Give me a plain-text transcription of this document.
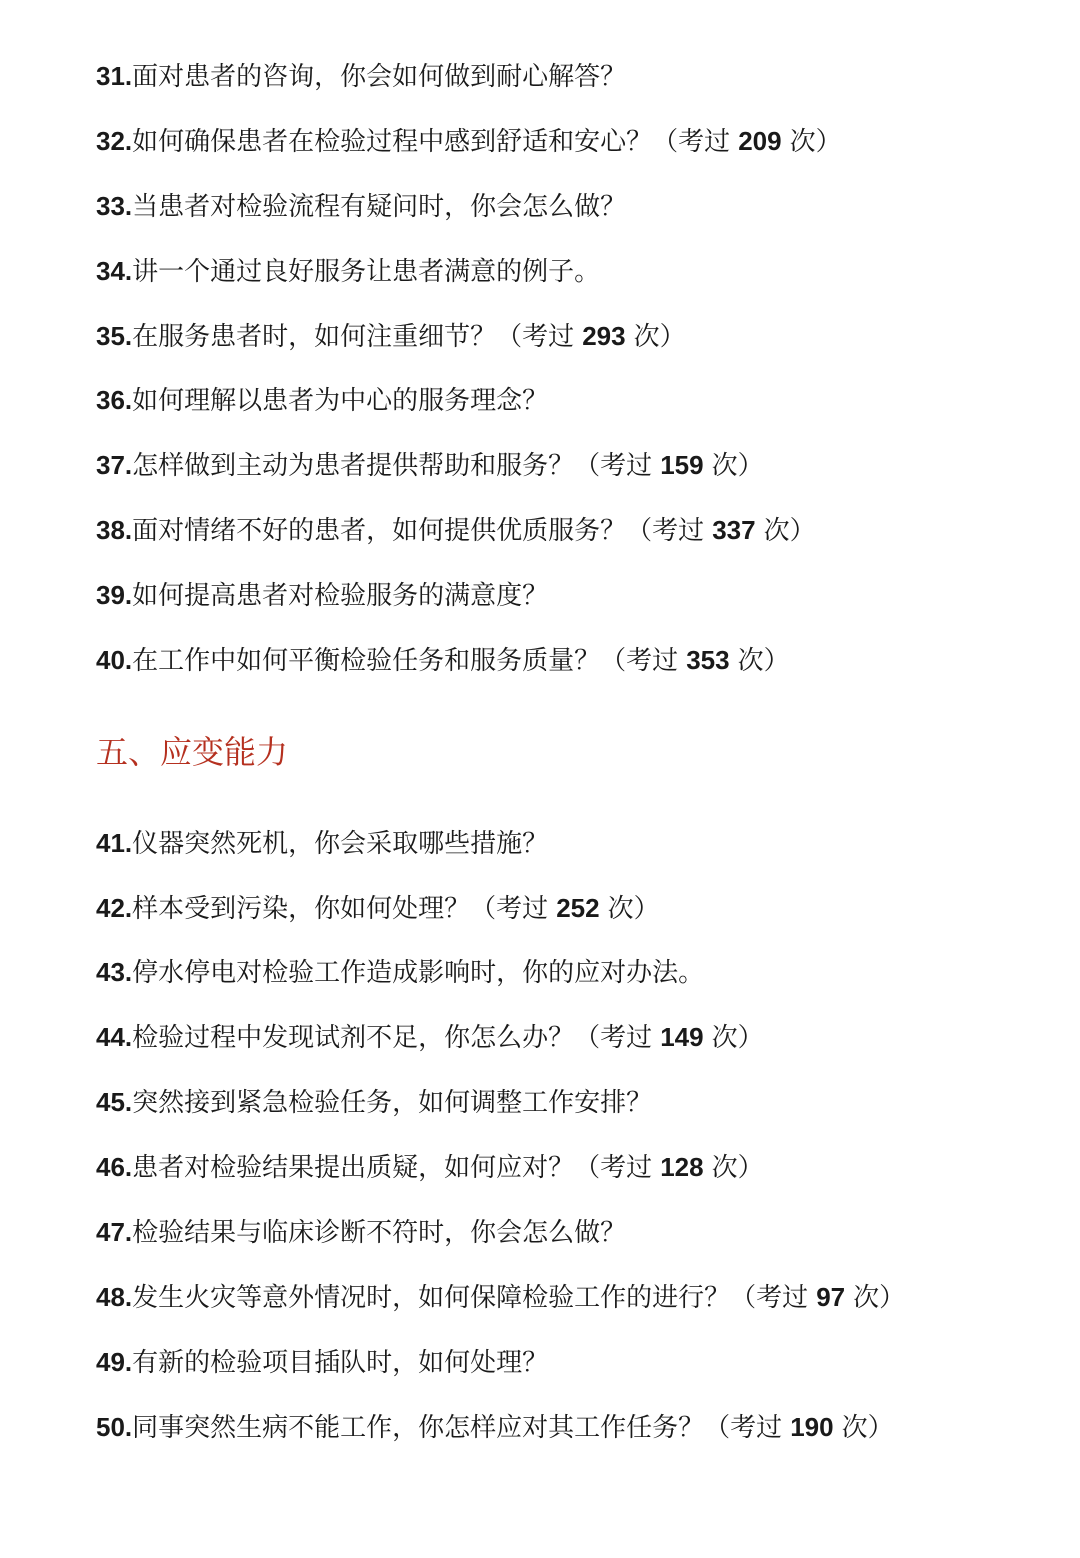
31.面对患者的咨询，你会如何做到耐心解答？
32.如何确保患者在检验过程中感到舒适和安心？（考过 209 次）
33.当患者对检验流程有疑问时，你会怎么做？
34.讲一个通过良好服务让患者满意的例子。
35.在服务患者时，如何注重细节？（考过 293 次）
36.如何理解以患者为中心的服务理念？
37.怎样做到主动为患者提供帮助和服务？（考过 159 次）
38.面对情绪不好的患者，如何提供优质服务？（考过 337 次）
39.如何提高患者对检验服务的满意度？
40.在工作中如何平衡检验任务和服务质量？（考过 353 次）
五、应变能力
41.仪器突然死机，你会采取哪些措施？
42.样本受到污染，你如何处理？（考过 252 次）
43.停水停电对检验工作造成影响时，你的应对办法。
44.检验过程中发现试剂不足，你怎么办？（考过 149 次）
45.突然接到紧急检验任务，如何调整工作安排？
46.患者对检验结果提出质疑，如何应对？（考过 128 次）
47.检验结果与临床诊断不符时，你会怎么做？
48.发生火灾等意外情况时，如何保障检验工作的进行？（考过 97 次）
49.有新的检验项目插队时，如何处理？
50.同事突然生病不能工作，你怎样应对其工作任务？（考过 190 次）
